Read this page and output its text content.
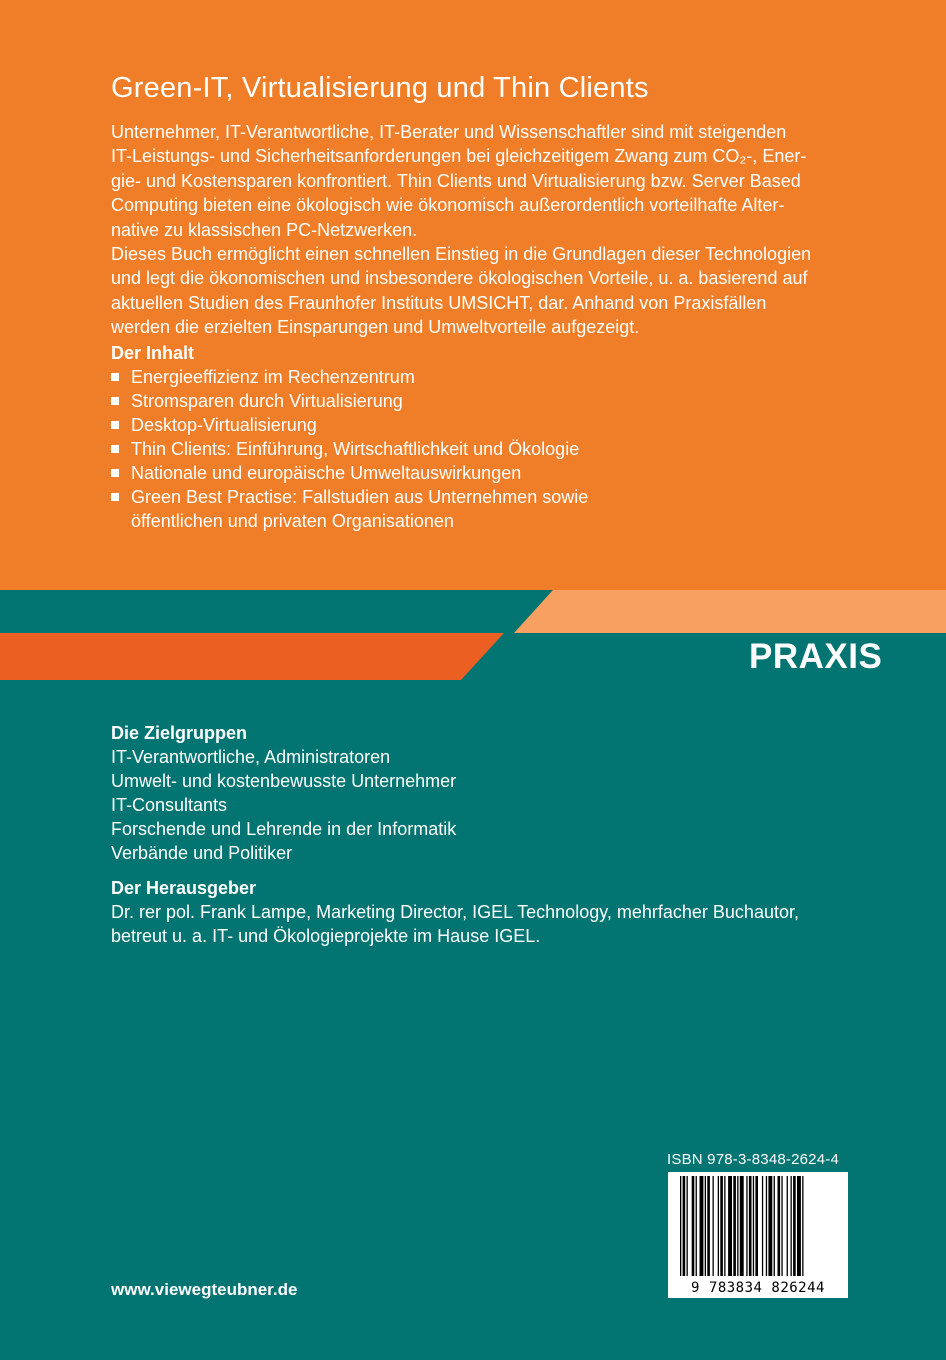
Green-IT, Virtualisierung und Thin Clients

Unternehmer, IT-Verantwortliche, IT-Berater und Wissenschaftler sind mit steigenden

IT-Leistungs- und Sicherheitsanforderungen bei gleichzeitigem Zwang zum CO₂-, Ener-

gie- und Kostensparen konfrontiert. Thin Clients und Virtualisierung bzw. Server Based

Computing bieten eine ökologisch wie ökonomisch außerordentlich vorteilhafte Alter-

native zu klassischen PC-Netzwerken.

Dieses Buch ermöglicht einen schnellen Einstieg in die Grundlagen dieser Technologien

und legt die ökonomischen und insbesondere ökologischen Vorteile, u. a. basierend auf

aktuellen Studien des Fraunhofer Instituts UMSICHT, dar. Anhand von Praxisfällen

werden die erzielten Einsparungen und Umweltvorteile aufgezeigt.

Der Inhalt
Energieeffizienz im Rechenzentrum
Stromsparen durch Virtualisierung
Desktop-Virtualisierung
Thin Clients: Einführung, Wirtschaftlichkeit und Ökologie
Nationale und europäische Umweltauswirkungen
Green Best Practise: Fallstudien aus Unternehmen sowie
öffentlichen und privaten Organisationen
PRAXIS
Die Zielgruppen
IT-Verantwortliche, Administratoren
Umwelt- und kostenbewusste Unternehmer
IT-Consultants
Forschende und Lehrende in der Informatik
Verbände und Politiker
Der Herausgeber
Dr. rer pol. Frank Lampe, Marketing Director, IGEL Technology, mehrfacher Buchautor,
betreut u. a. IT- und Ökologieprojekte im Hause IGEL.
ISBN 978-3-8348-2624-4
9 783834 826244
www.viewegteubner.de
